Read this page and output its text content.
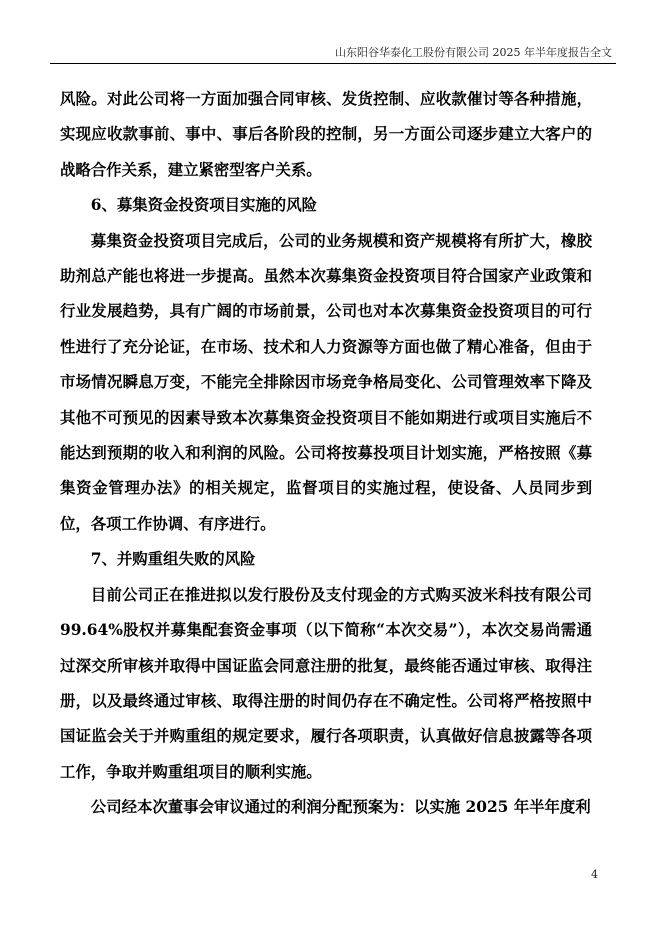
山东阳谷华泰化工股份有限公司 2025 年半年度报告全文

风险。对此公司将一方面加强合同审核、发货控制、应收款催讨等各种措施，实现应收款事前、事中、事后各阶段的控制，另一方面公司逐步建立大客户的战略合作关系，建立紧密型客户关系。

6、募集资金投资项目实施的风险

募集资金投资项目完成后，公司的业务规模和资产规模将有所扩大，橡胶助剂总产能也将进一步提高。虽然本次募集资金投资项目符合国家产业政策和行业发展趋势，具有广阔的市场前景，公司也对本次募集资金投资项目的可行性进行了充分论证，在市场、技术和人力资源等方面也做了精心准备，但由于市场情况瞬息万变，不能完全排除因市场竞争格局变化、公司管理效率下降及其他不可预见的因素导致本次募集资金投资项目不能如期进行或项目实施后不能达到预期的收入和利润的风险。公司将按募投项目计划实施，严格按照《募集资金管理办法》的相关规定，监督项目的实施过程，使设备、人员同步到位，各项工作协调、有序进行。

7、并购重组失败的风险

目前公司正在推进拟以发行股份及支付现金的方式购买波米科技有限公司 99.64%股权并募集配套资金事项（以下简称“本次交易”），本次交易尚需通过深交所审核并取得中国证监会同意注册的批复，最终能否通过审核、取得注册，以及最终通过审核、取得注册的时间仍存在不确定性。公司将严格按照中国证监会关于并购重组的规定要求，履行各项职责，认真做好信息披露等各项工作，争取并购重组项目的顺利实施。

公司经本次董事会审议通过的利润分配预案为：以实施 2025 年半年度利

4
